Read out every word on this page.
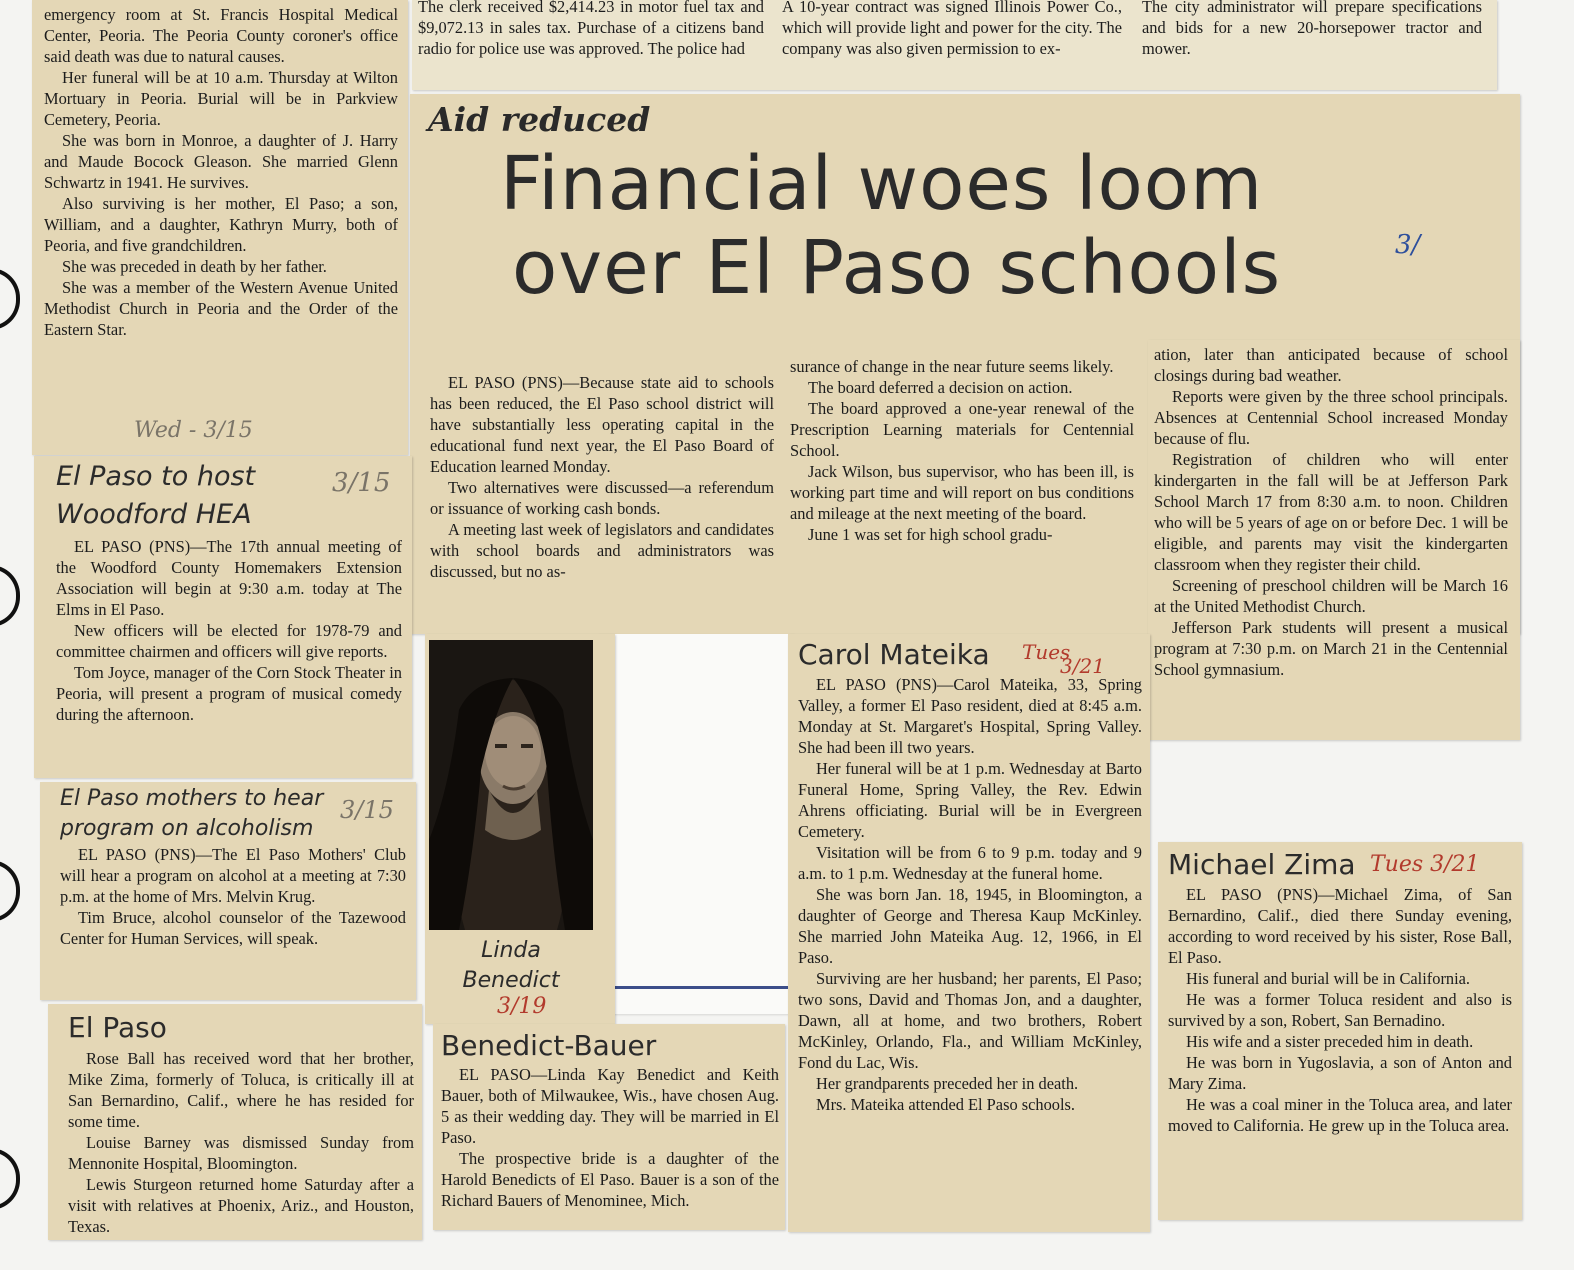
emergency room at St. Francis Hospital Medical Center, Peoria. The Peoria County coroner's office said death was due to natural causes.

Her funeral will be at 10 a.m. Thursday at Wilton Mortuary in Peoria. Burial will be in Parkview Cemetery, Peoria.

She was born in Monroe, a daughter of J. Harry and Maude Bocock Gleason. She married Glenn Schwartz in 1941. He survives.

Also surviving is her mother, El Paso; a son, William, and a daughter, Kathryn Murry, both of Peoria, and five grandchildren.

She was preceded in death by her father.

She was a member of the Western Avenue United Methodist Church in Peoria and the Order of the Eastern Star.

Wed - 3/15
The clerk received $2,414.23 in motor fuel tax and $9,072.13 in sales tax. Purchase of a citizens band radio for police use was approved. The police had
A 10-year contract was signed Illinois Power Co., which will provide light and power for the city. The company was also given permission to ex-
The city administrator will prepare specifications and bids for a new 20-horsepower tractor and mower.
Aid reduced
Financial woes loom
over El Paso schools	3/

EL PASO (PNS)—Because state aid to schools has been reduced, the El Paso school district will have substantially less operating capital in the educational fund next year, the El Paso Board of Education learned Monday.

Two alternatives were discussed—a referendum or issuance of working cash bonds.

A meeting last week of legislators and candidates with school boards and administrators was discussed, but no as-

surance of change in the near future seems likely.

The board deferred a decision on action.

The board approved a one-year renewal of the Prescription Learning materials for Centennial School.

Jack Wilson, bus supervisor, who has been ill, is working part time and will report on bus conditions and mileage at the next meeting of the board.

June 1 was set for high school gradu-

ation, later than anticipated because of school closings during bad weather.

Reports were given by the three school principals. Absences at Centennial School increased Monday because of flu.

Registration of children who will enter kindergarten in the fall will be at Jefferson Park School March 17 from 8:30 a.m. to noon. Children who will be 5 years of age on or before Dec. 1 will be eligible, and parents may visit the kindergarten classroom when they register their child.

Screening of preschool children will be March 16 at the United Methodist Church.

Jefferson Park students will present a musical program at 7:30 p.m. on March 21 in the Centennial School gymnasium.

El Paso to host Woodford HEA
3/15

EL PASO (PNS)—The 17th annual meeting of the Woodford County Homemakers Extension Association will begin at 9:30 a.m. today at The Elms in El Paso.

New officers will be elected for 1978-79 and committee chairmen and officers will give reports.

Tom Joyce, manager of the Corn Stock Theater in Peoria, will present a program of musical comedy during the afternoon.

El Paso mothers to hear program on alcoholism
3/15

EL PASO (PNS)—The El Paso Mothers' Club will hear a program on alcohol at a meeting at 7:30 p.m. at the home of Mrs. Melvin Krug.

Tim Bruce, alcohol counselor of the Tazewood Center for Human Services, will speak.

El Paso

Rose Ball has received word that her brother, Mike Zima, formerly of Toluca, is critically ill at San Bernardino, Calif., where he has resided for some time.

Louise Barney was dismissed Sunday from Mennonite Hospital, Bloomington.

Lewis Sturgeon returned home Saturday after a visit with relatives at Phoenix, Ariz., and Houston, Texas.

Linda
Benedict
3/19
Benedict-Bauer

EL PASO—Linda Kay Benedict and Keith Bauer, both of Milwaukee, Wis., have chosen Aug. 5 as their wedding day. They will be married in El Paso.

The prospective bride is a daughter of the Harold Benedicts of El Paso. Bauer is a son of the Richard Bauers of Menominee, Mich.

Carol Mateika	Tues
3/21

EL PASO (PNS)—Carol Mateika, 33, Spring Valley, a former El Paso resident, died at 8:45 a.m. Monday at St. Margaret's Hospital, Spring Valley. She had been ill two years.

Her funeral will be at 1 p.m. Wednesday at Barto Funeral Home, Spring Valley, the Rev. Edwin Ahrens officiating. Burial will be in Evergreen Cemetery.

Visitation will be from 6 to 9 p.m. today and 9 a.m. to 1 p.m. Wednesday at the funeral home.

She was born Jan. 18, 1945, in Bloomington, a daughter of George and Theresa Kaup McKinley. She married John Mateika Aug. 12, 1966, in El Paso.

Surviving are her husband; her parents, El Paso; two sons, David and Thomas Jon, and a daughter, Dawn, all at home, and two brothers, Robert McKinley, Orlando, Fla., and William McKinley, Fond du Lac, Wis.

Her grandparents preceded her in death.

Mrs. Mateika attended El Paso schools.

Michael Zima Tues 3/21

EL PASO (PNS)—Michael Zima, of San Bernardino, Calif., died there Sunday evening, according to word received by his sister, Rose Ball, El Paso.

His funeral and burial will be in California.

He was a former Toluca resident and also is survived by a son, Robert, San Bernadino.

His wife and a sister preceded him in death.

He was born in Yugoslavia, a son of Anton and Mary Zima.

He was a coal miner in the Toluca area, and later moved to California. He grew up in the Toluca area.
